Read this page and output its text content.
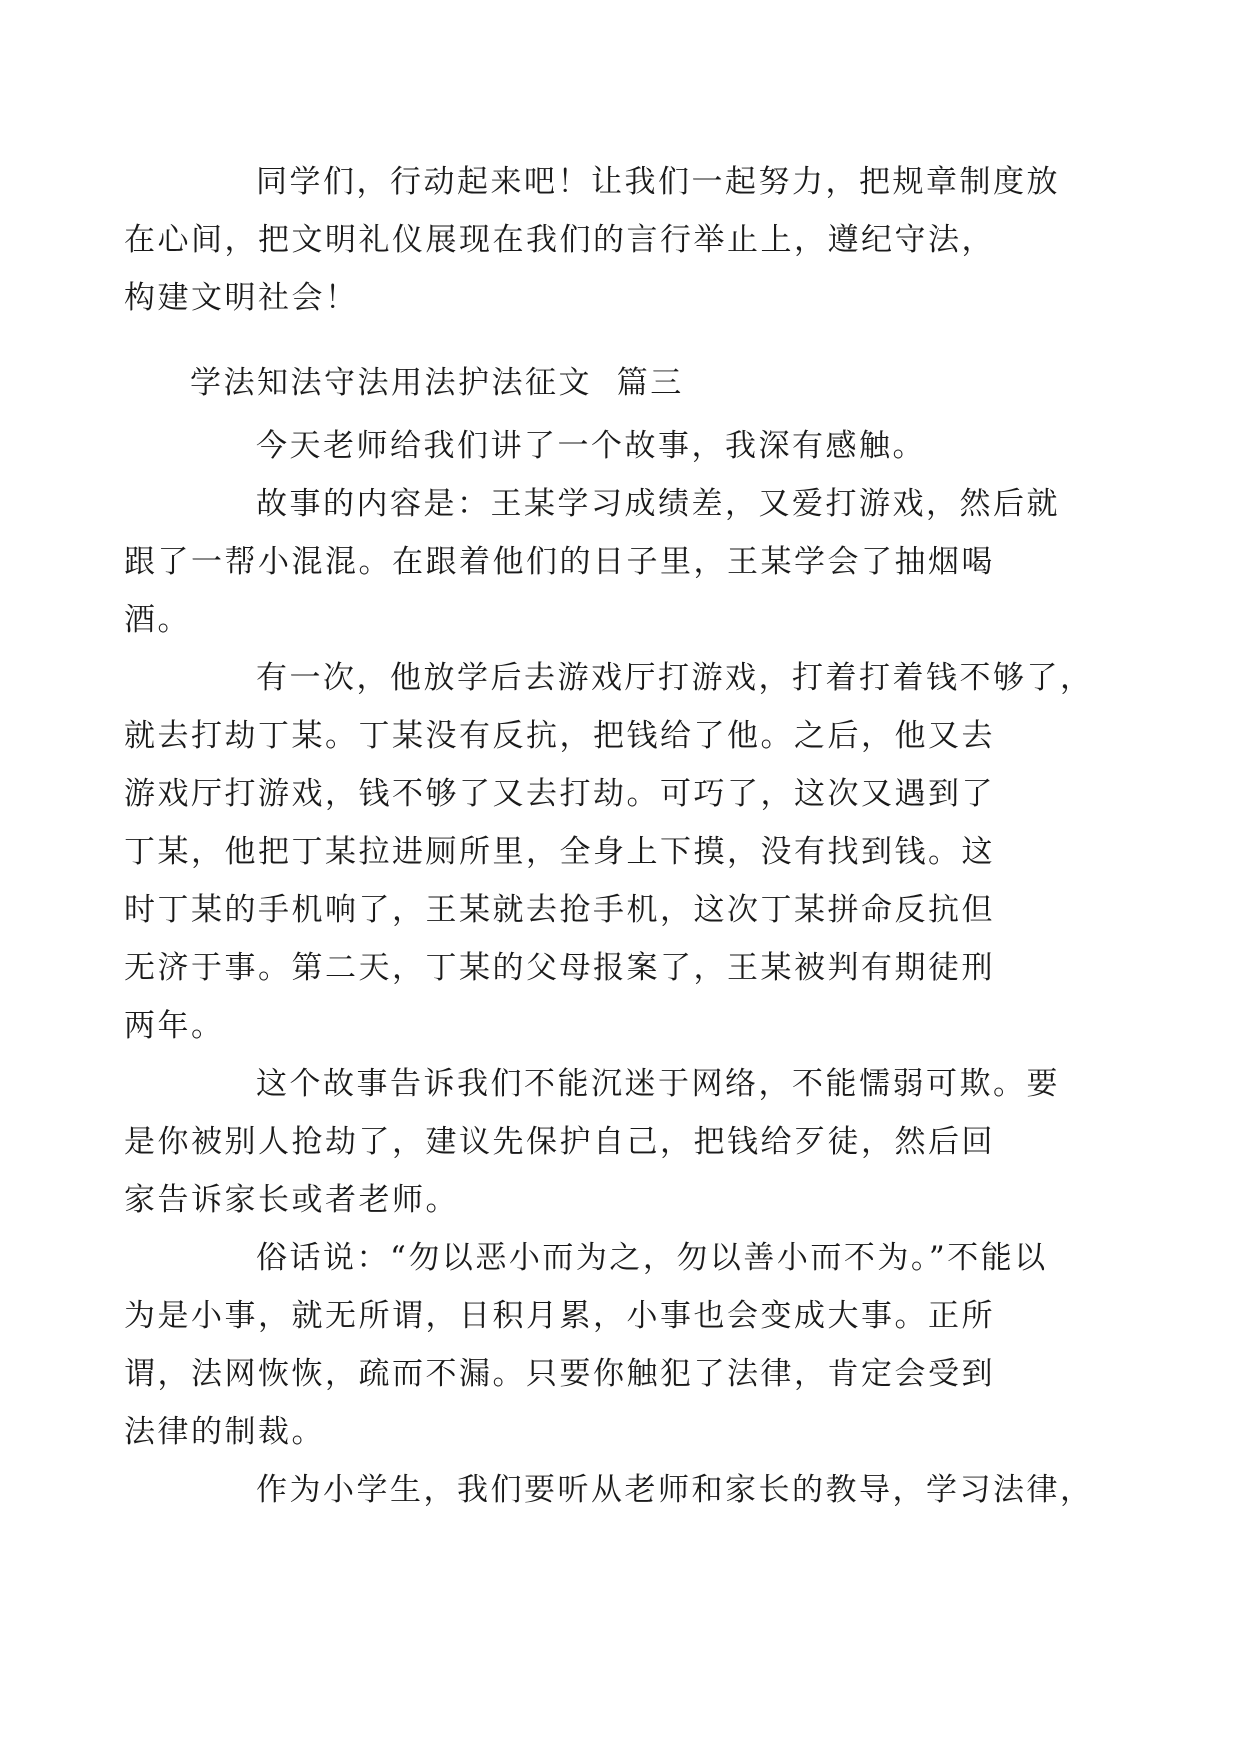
同学们，行动起来吧！让我们一起努力，把规章制度放
在心间，把文明礼仪展现在我们的言行举止上，遵纪守法，
构建文明社会！

学法知法守法用法护法征文  篇三

今天老师给我们讲了一个故事，我深有感触。

故事的内容是：王某学习成绩差，又爱打游戏，然后就
跟了一帮小混混。在跟着他们的日子里，王某学会了抽烟喝
酒。

有一次，他放学后去游戏厅打游戏，打着打着钱不够了，
就去打劫丁某。丁某没有反抗，把钱给了他。之后，他又去
游戏厅打游戏，钱不够了又去打劫。可巧了，这次又遇到了
丁某，他把丁某拉进厕所里，全身上下摸，没有找到钱。这
时丁某的手机响了，王某就去抢手机，这次丁某拼命反抗但
无济于事。第二天，丁某的父母报案了，王某被判有期徒刑
两年。

这个故事告诉我们不能沉迷于网络，不能懦弱可欺。要
是你被别人抢劫了，建议先保护自己，把钱给歹徒，然后回
家告诉家长或者老师。

俗话说：“勿以恶小而为之，勿以善小而不为。”不能以
为是小事，就无所谓，日积月累，小事也会变成大事。正所
谓，法网恢恢，疏而不漏。只要你触犯了法律，肯定会受到
法律的制裁。

作为小学生，我们要听从老师和家长的教导，学习法律，
